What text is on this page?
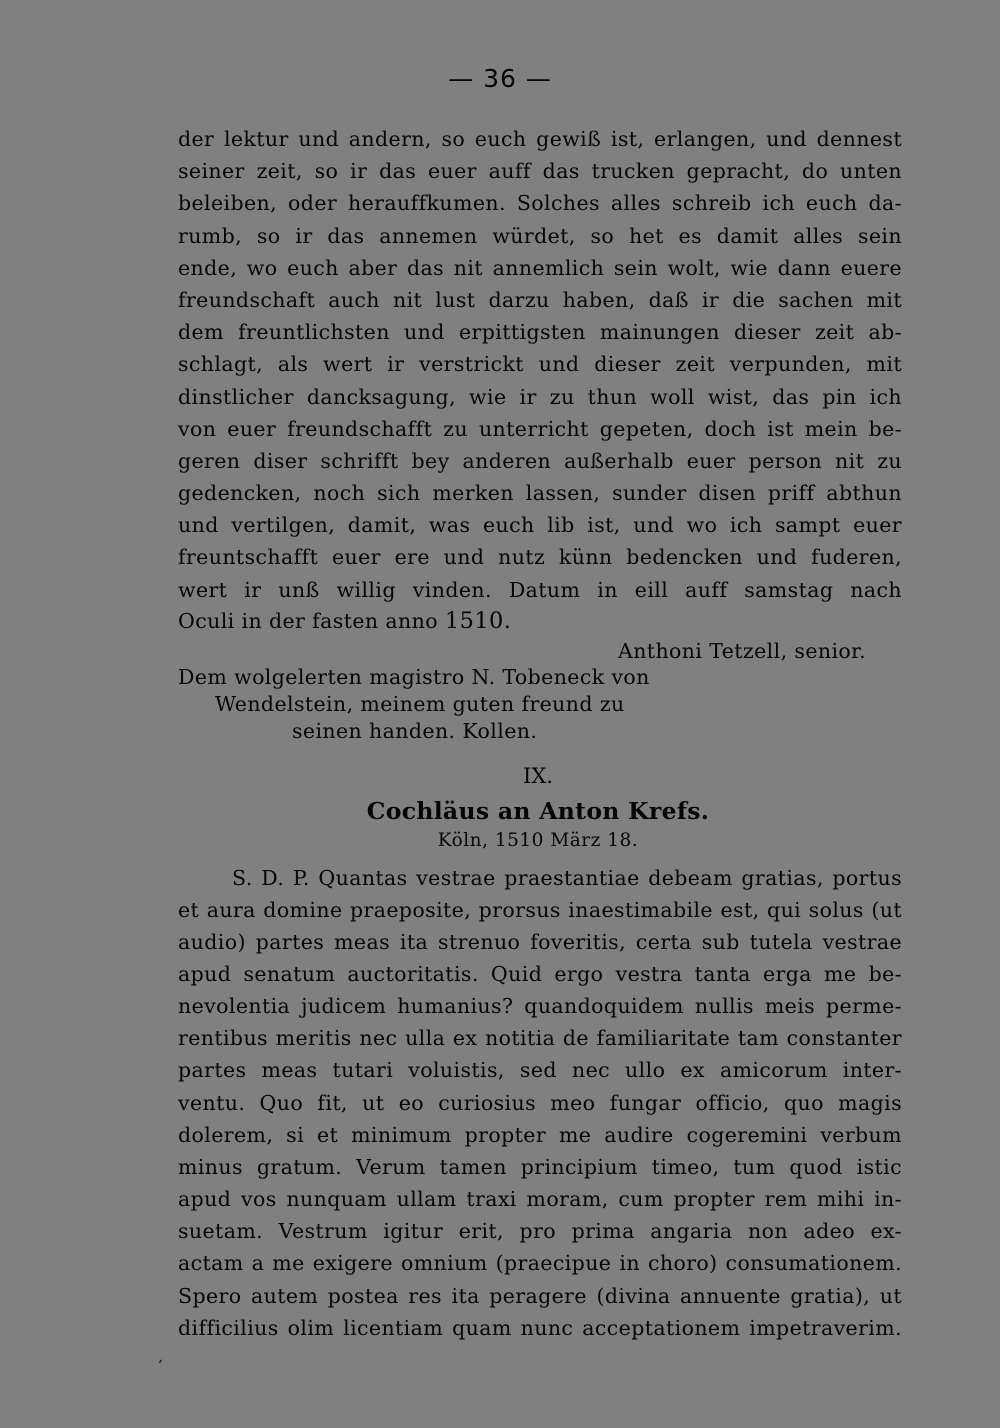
— 36 —
der lektur und andern, so euch gewiß ist, erlangen, und dennest
seiner zeit, so ir das euer auff das trucken gepracht, do unten
beleiben, oder herauffkumen. Solches alles schreib ich euch da-
rumb, so ir das annemen würdet, so het es damit alles sein
ende, wo euch aber das nit annemlich sein wolt, wie dann euere
freundschaft auch nit lust darzu haben, daß ir die sachen mit
dem freuntlichsten und erpittigsten mainungen dieser zeit ab-
schlagt, als wert ir verstrickt und dieser zeit verpunden, mit
dinstlicher dancksagung, wie ir zu thun woll wist, das pin ich
von euer freundschafft zu unterricht gepeten, doch ist mein be-
geren diser schrifft bey anderen außerhalb euer person nit zu
gedencken, noch sich merken lassen, sunder disen priff abthun
und vertilgen, damit, was euch lib ist, und wo ich sampt euer
freuntschafft euer ere und nutz künn bedencken und fuderen,
wert ir unß willig vinden. Datum in eill auff samstag nach
Oculi in der fasten anno 1510.
Anthoni Tetzell, senior.
Dem wolgelerten magistro N. Tobeneck von
Wendelstein, meinem guten freund zu
seinen handen. Kollen.
IX.
Cochläus an Anton Krefs.
Köln, 1510 März 18.
S. D. P. Quantas vestrae praestantiae debeam gratias, portus
et aura domine praeposite, prorsus inaestimabile est, qui solus (ut
audio) partes meas ita strenuo foveritis, certa sub tutela vestrae
apud senatum auctoritatis. Quid ergo vestra tanta erga me be-
nevolentia judicem humanius? quandoquidem nullis meis perme-
rentibus meritis nec ulla ex notitia de familiaritate tam constanter
partes meas tutari voluistis, sed nec ullo ex amicorum inter-
ventu. Quo fit, ut eo curiosius meo fungar officio, quo magis
dolerem, si et minimum propter me audire cogeremini verbum
minus gratum. Verum tamen principium timeo, tum quod istic
apud vos nunquam ullam traxi moram, cum propter rem mihi in-
suetam. Vestrum igitur erit, pro prima angaria non adeo ex-
actam a me exigere omnium (praecipue in choro) consumationem.
Spero autem postea res ita peragere (divina annuente gratia), ut
difficilius olim licentiam quam nunc acceptationem impetraverim.
‘
